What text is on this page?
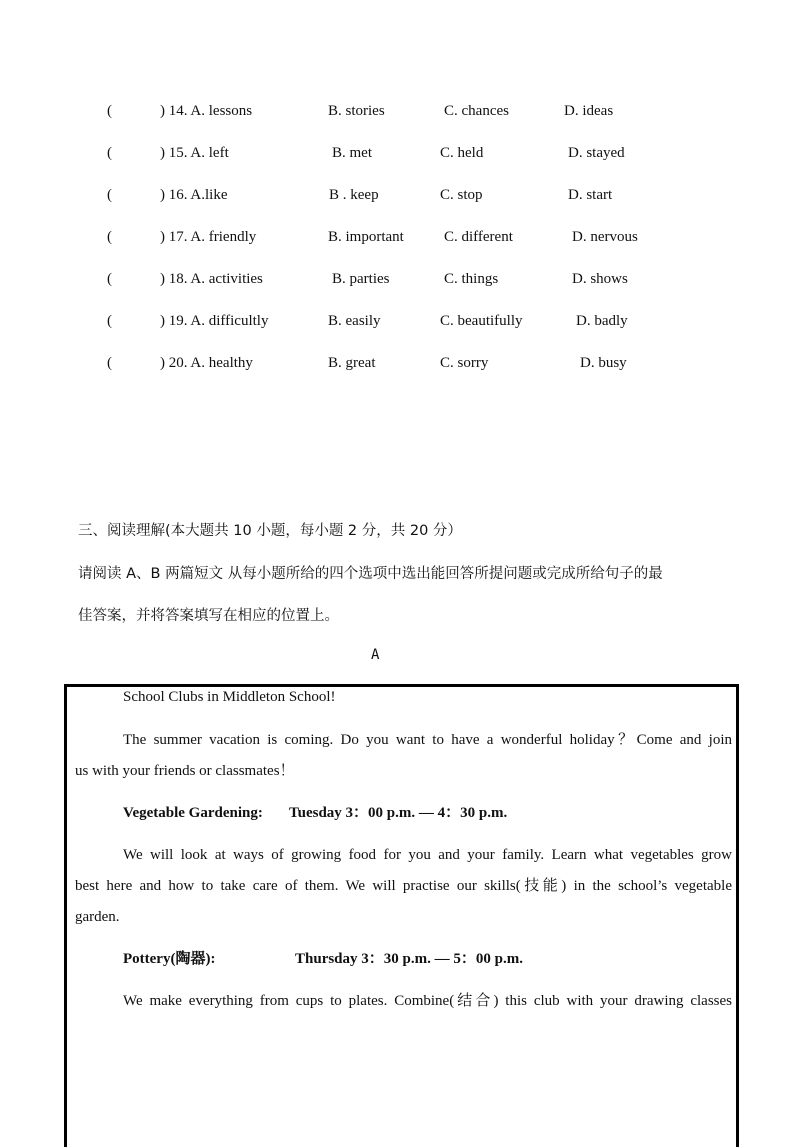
(	) 14. A. lessons	B. stories	C. chances	D. ideas
(	) 15. A. left	B. met	C. held	D. stayed
(	) 16. A.like	B . keep	C. stop	D. start
(	) 17. A. friendly	B. important	C. different	D. nervous
(	) 18. A. activities	B. parties	C. things	D. shows
(	) 19. A. difficultly	B. easily	C. beautifully	D. badly
(	) 20. A. healthy	B. great	C. sorry	D. busy
三、阅读理解(本大题共 10 小题，每小题 2 分，共 20 分）
请阅读 A、B 两篇短文 从每小题所给的四个选项中选出能回答所提问题或完成所给句子的最
佳答案，并将答案填写在相应的位置上。
A
School Clubs in Middleton School!
The summer vacation is coming. Do you want to have a wonderful holiday？Come and join
us with your friends or classmates！
Vegetable Gardening: Tuesday 3：00 p.m. — 4：30 p.m.
We will look at ways of growing food for you and your family. Learn what vegetables grow
best here and how to take care of them. We will practise our skills(技能) in the school’s vegetable
garden.
Pottery(陶器):	Thursday 3：30 p.m. — 5：00 p.m.
We make everything from cups to plates. Combine(结合) this club with your drawing classes
